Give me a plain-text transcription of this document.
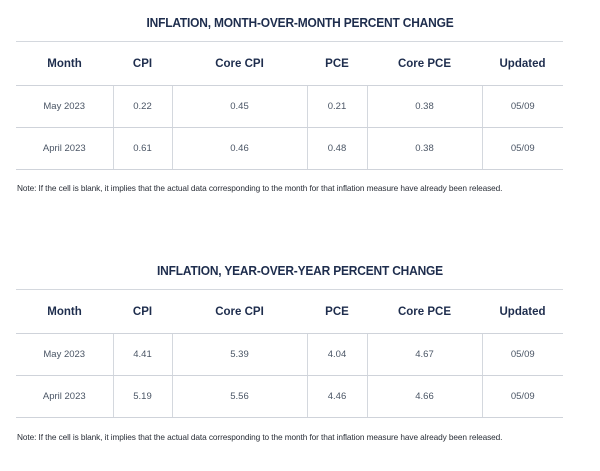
INFLATION, MONTH-OVER-MONTH PERCENT CHANGE
Month	CPI	Core CPI	PCE	Core PCE	Updated
May 2023	0.22	0.45	0.21	0.38	05/09
April 2023	0.61	0.46	0.48	0.38	05/09
Note: If the cell is blank, it implies that the actual data corresponding to the month for that inflation measure have already been released.
INFLATION, YEAR-OVER-YEAR PERCENT CHANGE
Month	CPI	Core CPI	PCE	Core PCE	Updated
May 2023	4.41	5.39	4.04	4.67	05/09
April 2023	5.19	5.56	4.46	4.66	05/09
Note: If the cell is blank, it implies that the actual data corresponding to the month for that inflation measure have already been released.
